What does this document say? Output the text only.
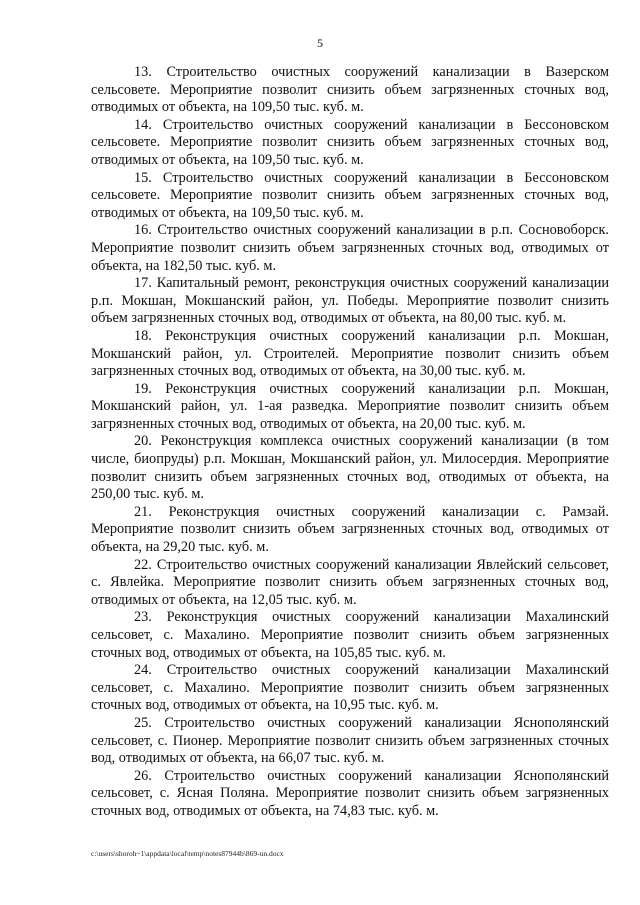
5

13. Строительство очистных сооружений канализации в Вазерском сельсовете. Мероприятие позволит снизить объем загрязненных сточных вод, отводимых от объекта, на 109,50 тыс. куб. м.

14. Строительство очистных сооружений канализации в Бессоновском сельсовете. Мероприятие позволит снизить объем загрязненных сточных вод, отводимых от объекта, на 109,50 тыс. куб. м.

15. Строительство очистных сооружений канализации в Бессоновском сельсовете. Мероприятие позволит снизить объем загрязненных сточных вод, отводимых от объекта, на 109,50 тыс. куб. м.

16. Строительство очистных сооружений канализации в р.п. Сосновоборск. Мероприятие позволит снизить объем загрязненных сточных вод, отводимых от объекта, на 182,50 тыс. куб. м.

17. Капитальный ремонт, реконструкция очистных сооружений канализации р.п. Мокшан, Мокшанский район, ул. Победы. Мероприятие позволит снизить объем загрязненных сточных вод, отводимых от объекта, на 80,00 тыс. куб. м.

18. Реконструкция очистных сооружений канализации р.п. Мокшан, Мокшанский район, ул. Строителей. Мероприятие позволит снизить объем загрязненных сточных вод, отводимых от объекта, на 30,00 тыс. куб. м.

19. Реконструкция очистных сооружений канализации р.п. Мокшан, Мокшанский район, ул. 1-ая разведка. Мероприятие позволит снизить объем загрязненных сточных вод, отводимых от объекта, на 20,00 тыс. куб. м.

20. Реконструкция комплекса очистных сооружений канализации (в том числе, биопруды) р.п. Мокшан, Мокшанский район, ул. Милосердия. Мероприятие позволит снизить объем загрязненных сточных вод, отводимых от объекта, на 250,00 тыс. куб. м.

21. Реконструкция очистных сооружений канализации с. Рамзай. Мероприятие позволит снизить объем загрязненных сточных вод, отводимых от объекта, на 29,20 тыс. куб. м.

22. Строительство очистных сооружений канализации Явлейский сельсовет, с. Явлейка. Мероприятие позволит снизить объем загрязненных сточных вод, отводимых от объекта, на 12,05 тыс. куб. м.

23. Реконструкция очистных сооружений канализации Махалинский сельсовет, с. Махалино. Мероприятие позволит снизить объем загрязненных сточных вод, отводимых от объекта, на 105,85 тыс. куб. м.

24. Строительство очистных сооружений канализации Махалинский сельсовет, с. Махалино. Мероприятие позволит снизить объем загрязненных сточных вод, отводимых от объекта, на 10,95 тыс. куб. м.

25. Строительство очистных сооружений канализации Яснополянский сельсовет, с. Пионер. Мероприятие позволит снизить объем загрязненных сточных вод, отводимых от объекта, на 66,07 тыс. куб. м.

26. Строительство очистных сооружений канализации Яснополянский сельсовет, с. Ясная Поляна. Мероприятие позволит снизить объем загрязненных сточных вод, отводимых от объекта, на 74,83 тыс. куб. м.

c:\users\shoroh~1\appdata\local\temp\notes87944b\869-un.docx
